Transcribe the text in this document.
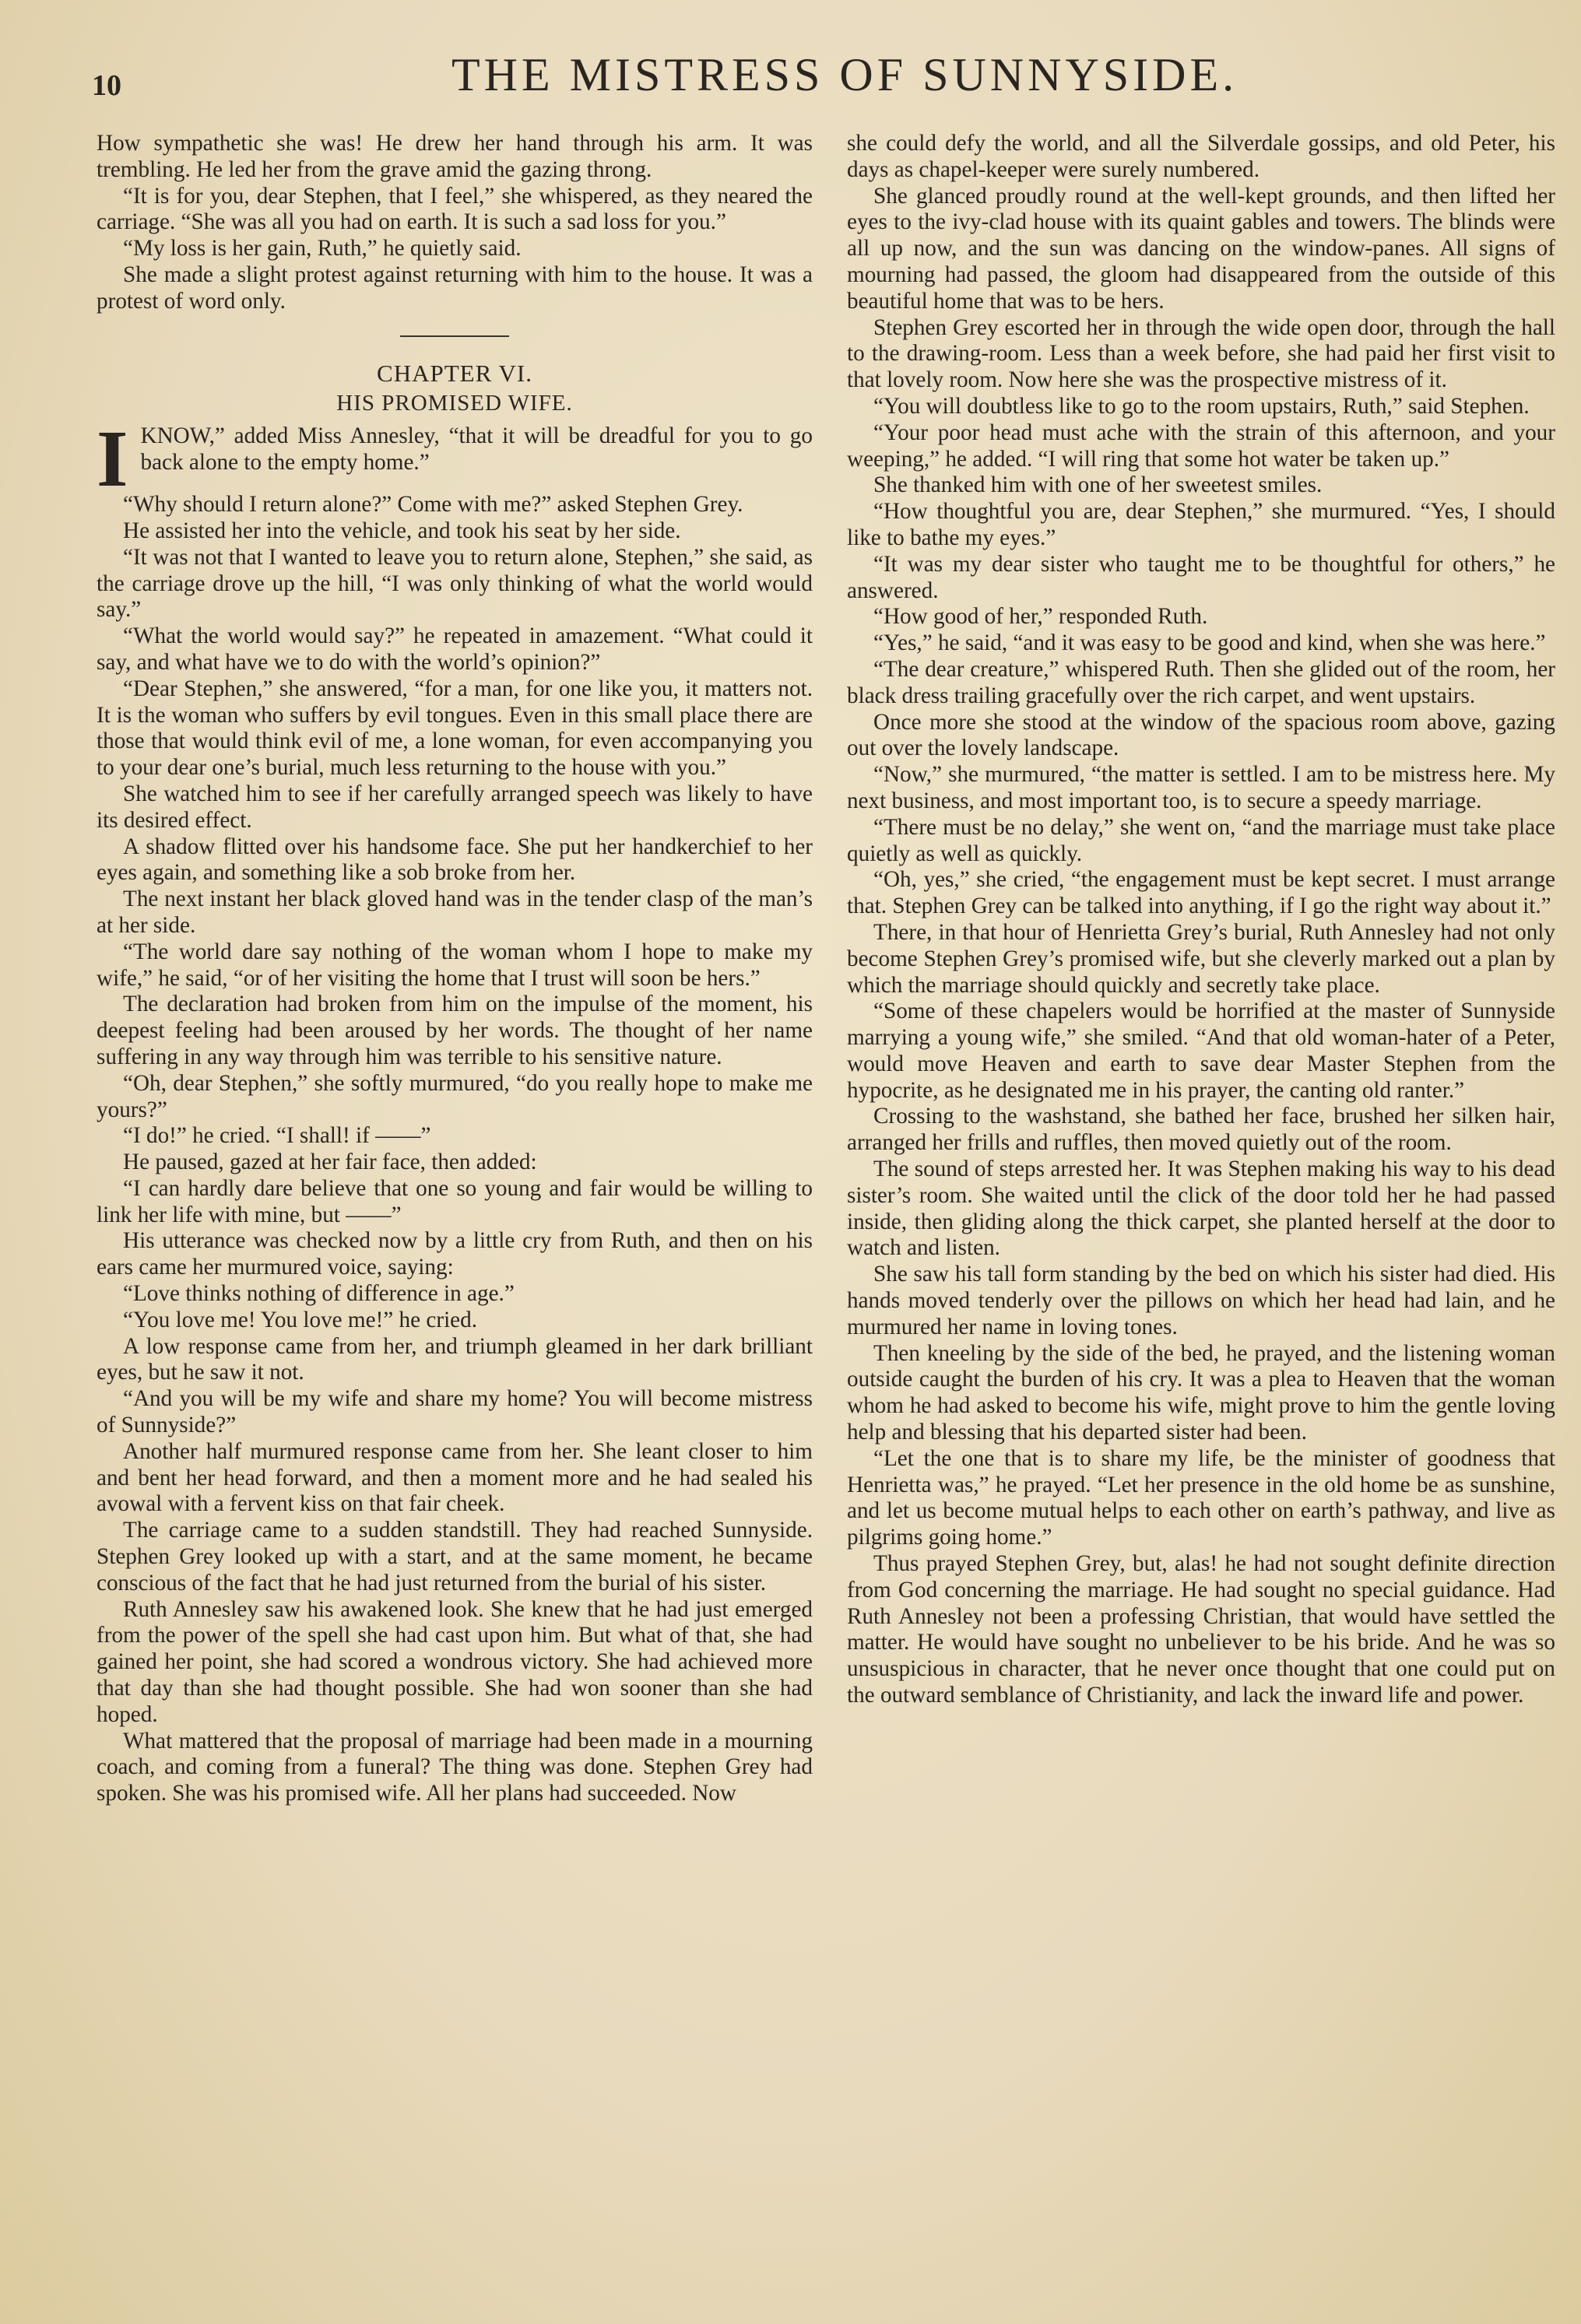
10	THE MISTRESS OF SUNNYSIDE.

How sympathetic she was! He drew her hand through his arm. It was trembling. He led her from the grave amid the gazing throng.

“It is for you, dear Stephen, that I feel,” she whispered, as they neared the carriage. “She was all you had on earth. It is such a sad loss for you.”

“My loss is her gain, Ruth,” he quietly said.

She made a slight protest against returning with him to the house. It was a protest of word only.

CHAPTER VI.
HIS PROMISED WIFE.
I KNOW,” added Miss Annesley, “that it will be dreadful for you to go back alone to the empty home.”

“Why should I return alone?” Come with me?” asked Stephen Grey.

He assisted her into the vehicle, and took his seat by her side.

“It was not that I wanted to leave you to return alone, Stephen,” she said, as the carriage drove up the hill, “I was only thinking of what the world would say.”

“What the world would say?” he repeated in amazement. “What could it say, and what have we to do with the world’s opinion?”

“Dear Stephen,” she answered, “for a man, for one like you, it matters not. It is the woman who suffers by evil tongues. Even in this small place there are those that would think evil of me, a lone woman, for even accompanying you to your dear one’s burial, much less returning to the house with you.”

She watched him to see if her carefully arranged speech was likely to have its desired effect.

A shadow flitted over his handsome face. She put her handkerchief to her eyes again, and something like a sob broke from her.

The next instant her black gloved hand was in the tender clasp of the man’s at her side.

“The world dare say nothing of the woman whom I hope to make my wife,” he said, “or of her visiting the home that I trust will soon be hers.”

The declaration had broken from him on the impulse of the moment, his deepest feeling had been aroused by her words. The thought of her name suffering in any way through him was terrible to his sensitive nature.

“Oh, dear Stephen,” she softly murmured, “do you really hope to make me yours?”

“I do!” he cried. “I shall! if ——”

He paused, gazed at her fair face, then added:

“I can hardly dare believe that one so young and fair would be willing to link her life with mine, but ——”

His utterance was checked now by a little cry from Ruth, and then on his ears came her murmured voice, saying:

“Love thinks nothing of difference in age.”

“You love me! You love me!” he cried.

A low response came from her, and triumph gleamed in her dark brilliant eyes, but he saw it not.

“And you will be my wife and share my home? You will become mistress of Sunnyside?”

Another half murmured response came from her. She leant closer to him and bent her head forward, and then a moment more and he had sealed his avowal with a fervent kiss on that fair cheek.

The carriage came to a sudden standstill. They had reached Sunnyside. Stephen Grey looked up with a start, and at the same moment, he became conscious of the fact that he had just returned from the burial of his sister.

Ruth Annesley saw his awakened look. She knew that he had just emerged from the power of the spell she had cast upon him. But what of that, she had gained her point, she had scored a wondrous victory. She had achieved more that day than she had thought possible. She had won sooner than she had hoped.

What mattered that the proposal of marriage had been made in a mourning coach, and coming from a funeral? The thing was done. Stephen Grey had spoken. She was his promised wife. All her plans had succeeded. Now

she could defy the world, and all the Silverdale gossips, and old Peter, his days as chapel-keeper were surely numbered.

She glanced proudly round at the well-kept grounds, and then lifted her eyes to the ivy-clad house with its quaint gables and towers. The blinds were all up now, and the sun was dancing on the window-panes. All signs of mourning had passed, the gloom had disappeared from the outside of this beautiful home that was to be hers.

Stephen Grey escorted her in through the wide open door, through the hall to the drawing-room. Less than a week before, she had paid her first visit to that lovely room. Now here she was the prospective mistress of it.

“You will doubtless like to go to the room upstairs, Ruth,” said Stephen.

“Your poor head must ache with the strain of this afternoon, and your weeping,” he added. “I will ring that some hot water be taken up.”

She thanked him with one of her sweetest smiles.

“How thoughtful you are, dear Stephen,” she murmured. “Yes, I should like to bathe my eyes.”

“It was my dear sister who taught me to be thoughtful for others,” he answered.

“How good of her,” responded Ruth.

“Yes,” he said, “and it was easy to be good and kind, when she was here.”

“The dear creature,” whispered Ruth. Then she glided out of the room, her black dress trailing gracefully over the rich carpet, and went upstairs.

Once more she stood at the window of the spacious room above, gazing out over the lovely landscape.

“Now,” she murmured, “the matter is settled. I am to be mistress here. My next business, and most important too, is to secure a speedy marriage.

“There must be no delay,” she went on, “and the marriage must take place quietly as well as quickly.

“Oh, yes,” she cried, “the engagement must be kept secret. I must arrange that. Stephen Grey can be talked into anything, if I go the right way about it.”

There, in that hour of Henrietta Grey’s burial, Ruth Annesley had not only become Stephen Grey’s promised wife, but she cleverly marked out a plan by which the marriage should quickly and secretly take place.

“Some of these chapelers would be horrified at the master of Sunnyside marrying a young wife,” she smiled. “And that old woman-hater of a Peter, would move Heaven and earth to save dear Master Stephen from the hypocrite, as he designated me in his prayer, the canting old ranter.”

Crossing to the washstand, she bathed her face, brushed her silken hair, arranged her frills and ruffles, then moved quietly out of the room.

The sound of steps arrested her. It was Stephen making his way to his dead sister’s room. She waited until the click of the door told her he had passed inside, then gliding along the thick carpet, she planted herself at the door to watch and listen.

She saw his tall form standing by the bed on which his sister had died. His hands moved tenderly over the pillows on which her head had lain, and he murmured her name in loving tones.

Then kneeling by the side of the bed, he prayed, and the listening woman outside caught the burden of his cry. It was a plea to Heaven that the woman whom he had asked to become his wife, might prove to him the gentle loving help and blessing that his departed sister had been.

“Let the one that is to share my life, be the minister of goodness that Henrietta was,” he prayed. “Let her presence in the old home be as sunshine, and let us become mutual helps to each other on earth’s pathway, and live as pilgrims going home.”

Thus prayed Stephen Grey, but, alas! he had not sought definite direction from God concerning the marriage. He had sought no special guidance. Had Ruth Annesley not been a professing Christian, that would have settled the matter. He would have sought no unbeliever to be his bride. And he was so unsuspicious in character, that he never once thought that one could put on the outward semblance of Christianity, and lack the inward life and power.
